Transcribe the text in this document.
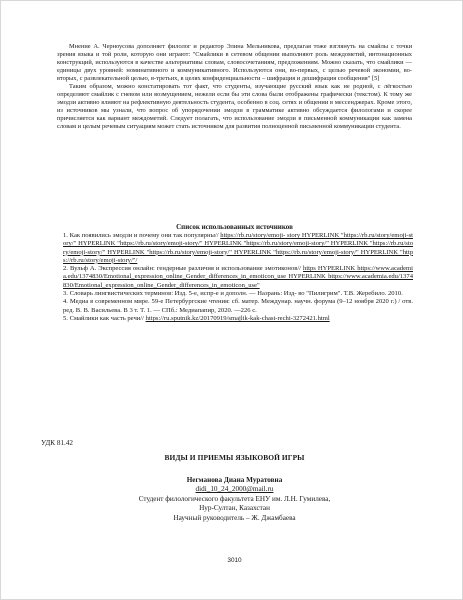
Мнение А. Черноусова дополняет филолог и редактор Элина Мельникова, предлагая тоже взглянуть на смайлы с точки зрения языка и той роли, которую они играют: "Смайлики в сетевом общении выполняют роль междометий, интонационных конструкций, используются в качестве альтернативы словам, словосочетаниям, предложениям. Можно сказать, что смайлики — единицы двух уровней: номинативного и коммуникативного. Используются они, во-первых, с целью речевой экономии, во-вторых, с развлекательной целью, в-третьих, в целях конфиденциальности – шифрация и дешифрация сообщения" [5]

Таким образом, можно констатировать тот факт, что студенты, изучающие русский язык как не родной, с лёгкостью определяют смайлик с гневом или возмущением, нежели если бы эти слова были отображены графически (текстом). К тому же эмодзи активно влияют на рефлективную деятельность студента, особенно в соц. сетях и общении в мессенджерах. Кроме этого, из источников мы узнали, что вопрос об упорядочении эмодзи в грамматике активно обсуждается филологами и скорее причисляется как вариант междометий. Следует полагать, что использование эмодзи в письменной коммуникации как замена словам и целым речевым ситуациям может стать источником для развития полноценной письменной коммуникации студента.

Список использованных источников

1. Как появились эмодзи и почему они так популярны// https://rb.ru/story/emoji- story HYPERLINK "https://rb.ru/story/emoji-story/" HYPERLINK "https://rb.ru/story/emoji-story/" HYPERLINK "https://rb.ru/story/emoji-story/" HYPERLINK "https://rb.ru/story/emoji-story/" HYPERLINK "https://rb.ru/story/emoji-story/" HYPERLINK "https://rb.ru/story/emoji-story/" HYPERLINK "https://rb.ru/story/emoji-story/"/

2. Вульф А. Экспрессия онлайн: гендерные различия и использование эмотиконов// https HYPERLINK https://www.academia.edu/1374830/Emotional_expression_online_Gender_differences_in_emoticon_use HYPERLINK https://www.academia.edu/1374830/Emotional_expression_online_Gender_differences_in_emoticon_use"

3. Словарь лингвистических терминов: Изд. 5-е, испр-е и дополн. — Назрань: Изд- во "Пилигрим". Т.В. Жеребило. 2010.

4. Медиа в современном мире. 59-е Петербургские чтения: сб. матер. Междунар. научн. форума (9–12 ноября 2020 г.) / отв. ред. В. В. Васильева. В 3 т. Т. 1. — СПб.: Медиапапир, 2020. —226 с.

5. Смайлики как часть речи// https://ru.sputnik.kz/20170919/smajlik-kak-chast-rechi-3272421.html

УДК 81.42
ВИДЫ И ПРИЕМЫ ЯЗЫКОВОЙ ИГРЫ
Негманова Диана Муратовна
didi_10_24_2000@mail.ru
Студент филологического факультета ЕНУ им. Л.Н. Гумилева,
Нур-Султан, Казахстан
Научный руководитель – Ж. Джамбаева
3010
